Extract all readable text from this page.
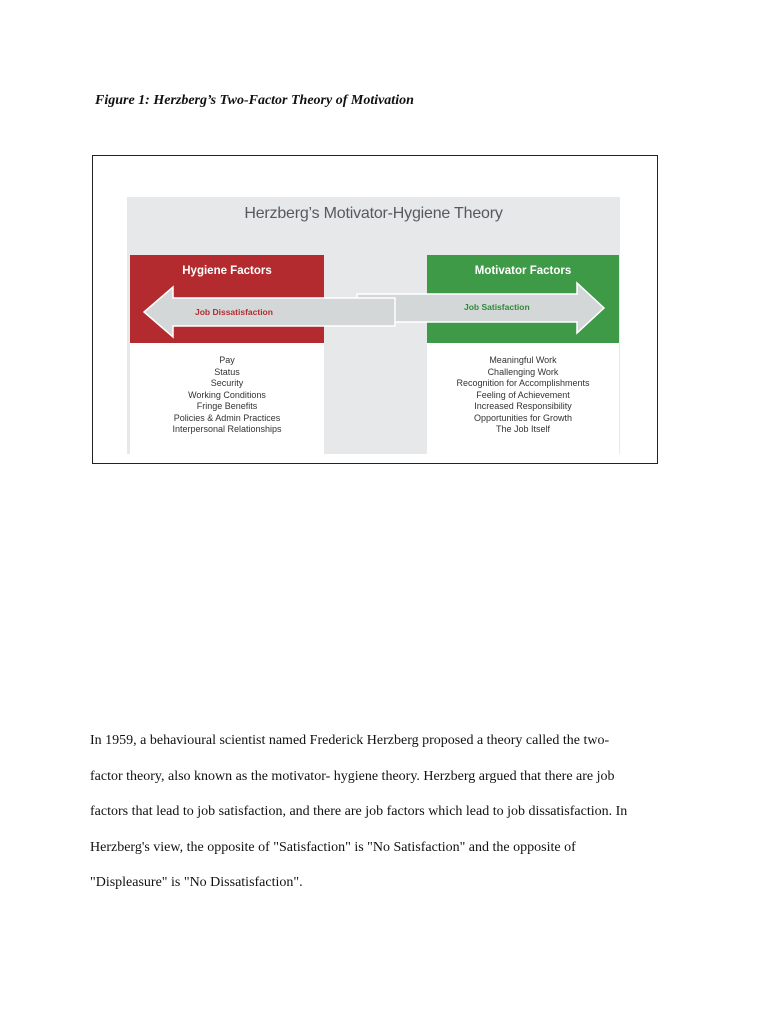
Figure 1: Herzberg’s Two-Factor Theory of Motivation
Herzberg’s Motivator-Hygiene Theory
Hygiene Factors	Motivator Factors
Job Dissatisfaction	Job Satisfaction
Pay
Status
Security
Working Conditions
Fringe Benefits
Policies & Admin Practices
Interpersonal Relationships
Meaningful Work
Challenging Work
Recognition for Accomplishments
Feeling of Achievement
Increased Responsibility
Opportunities for Growth
The Job Itself
In 1959, a behavioural scientist named Frederick Herzberg proposed a theory called the two-
factor theory, also known as the motivator- hygiene theory. Herzberg argued that there are job
factors that lead to job satisfaction, and there are job factors which lead to job dissatisfaction. In
Herzberg's view, the opposite of "Satisfaction" is "No Satisfaction" and the opposite of
"Displeasure" is "No Dissatisfaction".
